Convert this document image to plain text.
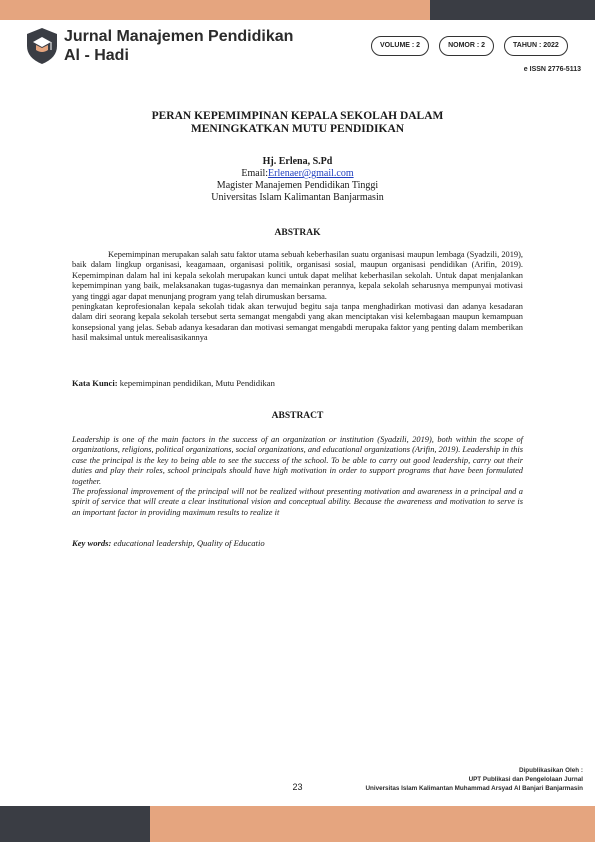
Jurnal Manajemen Pendidikan
Al - Hadi
VOLUME : 2	NOMOR : 2	TAHUN : 2022
e ISSN 2776-5113
PERAN KEPEMIMPINAN KEPALA SEKOLAH DALAM
MENINGKATKAN MUTU PENDIDIKAN
Hj. Erlena, S.Pd
Email:Erlenaer@gmail.com
Magister Manajemen Pendidikan Tinggi
Universitas Islam Kalimantan Banjarmasin
ABSTRAK

Kepemimpinan merupakan salah satu faktor utama sebuah keberhasilan suatu organisasi maupun lembaga (Syadzili, 2019), baik dalam lingkup organisasi, keagamaan, organisasi politik, organisasi sosial, maupun organisasi pendidikan (Arifin, 2019). Kepemimpinan dalam hal ini kepala sekolah merupakan kunci untuk dapat melihat keberhasilan sekolah. Untuk dapat menjalankan kepemimpinan yang baik, melaksanakan tugas-tugasnya dan memainkan perannya, kepala sekolah seharusnya mempunyai motivasi yang tinggi agar dapat menunjang program yang telah dirumuskan bersama.

peningkatan keprofesionalan kepala sekolah tidak akan terwujud begitu saja tanpa menghadirkan motivasi dan adanya kesadaran dalam diri seorang kepala sekolah tersebut serta semangat mengabdi yang akan menciptakan visi kelembagaan maupun kemampuan konsepsional yang jelas. Sebab adanya kesadaran dan motivasi semangat mengabdi merupaka faktor yang penting dalam memberikan hasil maksimal untuk merealisasikannya

Kata Kunci: kepemimpinan pendidikan, Mutu Pendidikan
ABSTRACT

Leadership is one of the main factors in the success of an organization or institution (Syadzili, 2019), both within the scope of organizations, religions, political organizations, social organizations, and educational organizations (Arifin, 2019). Leadership in this case the principal is the key to being able to see the success of the school. To be able to carry out good leadership, carry out their duties and play their roles, school principals should have high motivation in order to support programs that have been formulated together.

The professional improvement of the principal will not be realized without presenting motivation and awareness in a principal and a spirit of service that will create a clear institutional vision and conceptual ability. Because the awareness and motivation to serve is an important factor in providing maximum results to realize it

Key words: educational leadership, Quality of Educatio
23
Dipublikasikan Oleh :
UPT Publikasi dan Pengelolaan Jurnal
Universitas Islam Kalimantan Muhammad Arsyad Al Banjari Banjarmasin
